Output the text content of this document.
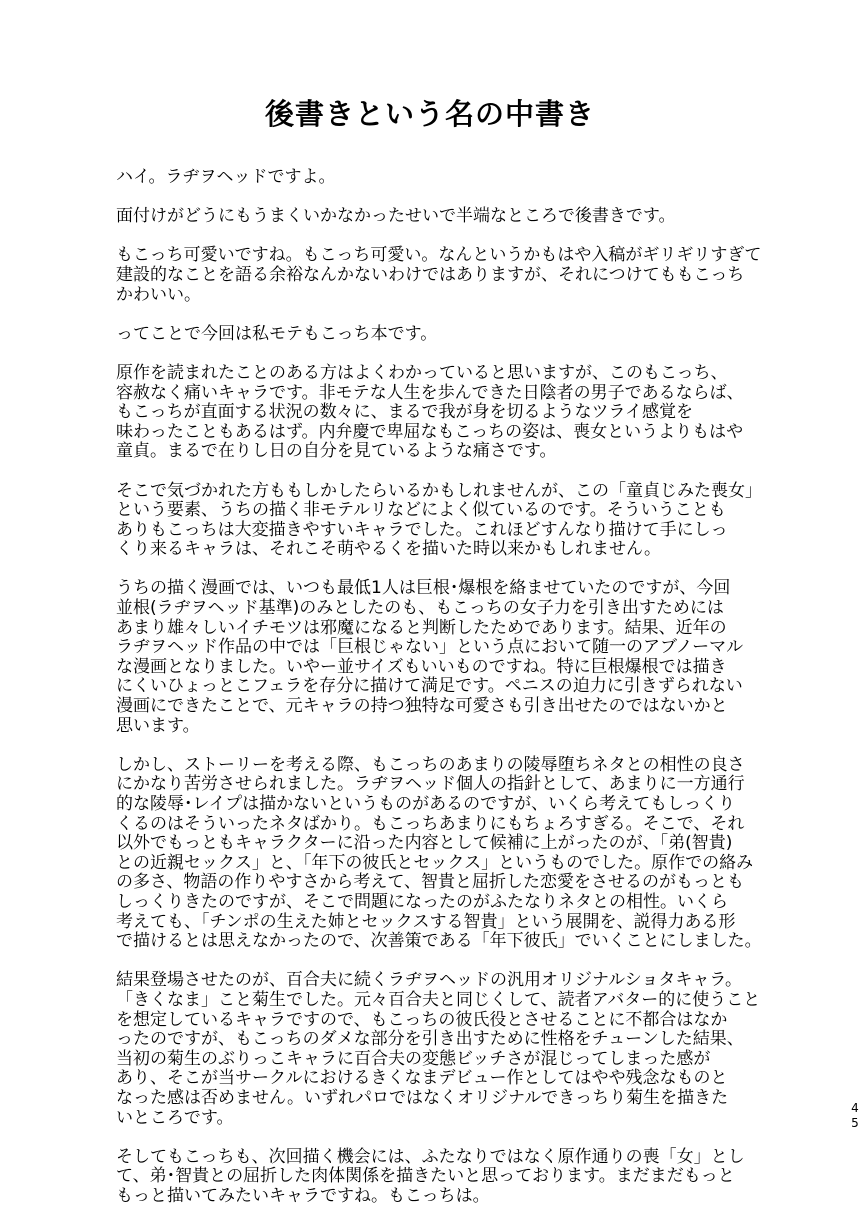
後書きという名の中書き
ハイ。ラヂヲヘッドですよ。
面付けがどうにもうまくいかなかったせいで半端なところで後書きです。
もこっち可愛いですね。もこっち可愛い。なんというかもはや入稿がギリギリすぎて
建設的なことを語る余裕なんかないわけではありますが、それにつけてももこっち
かわいい。
ってことで今回は私モテもこっち本です。
原作を読まれたことのある方はよくわかっていると思いますが、このもこっち、
容赦なく痛いキャラです。非モテな人生を歩んできた日陰者の男子であるならば、
もこっちが直面する状況の数々に、まるで我が身を切るようなツライ感覚を
味わったこともあるはず。内弁慶で卑屈なもこっちの姿は、喪女というよりもはや
童貞。まるで在りし日の自分を見ているような痛さです。
そこで気づかれた方ももしかしたらいるかもしれませんが、この「童貞じみた喪女」
という要素、うちの描く非モテルリなどによく似ているのです。そういうことも
ありもこっちは大変描きやすいキャラでした。これほどすんなり描けて手にしっ
くり来るキャラは、それこそ萌やるくを描いた時以来かもしれません。
うちの描く漫画では、いつも最低1人は巨根･爆根を絡ませていたのですが、今回
並根(ラヂヲヘッド基準)のみとしたのも、もこっちの女子力を引き出すためには
あまり雄々しいイチモツは邪魔になると判断したためであります。結果、近年の
ラヂヲヘッド作品の中では「巨根じゃない」という点において随一のアブノーマル
な漫画となりました。いやー並サイズもいいものですね。特に巨根爆根では描き
にくいひょっとこフェラを存分に描けて満足です。ペニスの迫力に引きずられない
漫画にできたことで、元キャラの持つ独特な可愛さも引き出せたのではないかと
思います。
しかし、ストーリーを考える際、もこっちのあまりの陵辱堕ちネタとの相性の良さ
にかなり苦労させられました。ラヂヲヘッド個人の指針として、あまりに一方通行
的な陵辱･レイプは描かないというものがあるのですが、いくら考えてもしっくり
くるのはそういったネタばかり。もこっちあまりにもちょろすぎる。そこで、それ
以外でもっともキャラクターに沿った内容として候補に上がったのが、「弟(智貴)
との近親セックス」と、「年下の彼氏とセックス」というものでした。原作での絡み
の多さ、物語の作りやすさから考えて、智貴と屈折した恋愛をさせるのがもっとも
しっくりきたのですが、そこで問題になったのがふたなりネタとの相性。いくら
考えても、「チンポの生えた姉とセックスする智貴」という展開を、説得力ある形
で描けるとは思えなかったので、次善策である「年下彼氏」でいくことにしました。
結果登場させたのが、百合夫に続くラヂヲヘッドの汎用オリジナルショタキャラ。
「きくなま」こと菊生でした。元々百合夫と同じくして、読者アバター的に使うこと
を想定しているキャラですので、もこっちの彼氏役とさせることに不都合はなか
ったのですが、もこっちのダメな部分を引き出すために性格をチューンした結果、
当初の菊生のぶりっこキャラに百合夫の変態ビッチさが混じってしまった感が
あり、そこが当サークルにおけるきくなまデビュー作としてはやや残念なものと
なった感は否めません。いずれパロではなくオリジナルできっちり菊生を描きた
いところです。
そしてもこっちも、次回描く機会には、ふたなりではなく原作通りの喪「女」とし
て、弟･智貴との屈折した肉体関係を描きたいと思っております。まだまだもっと
もっと描いてみたいキャラですね。もこっちは。
4
5
